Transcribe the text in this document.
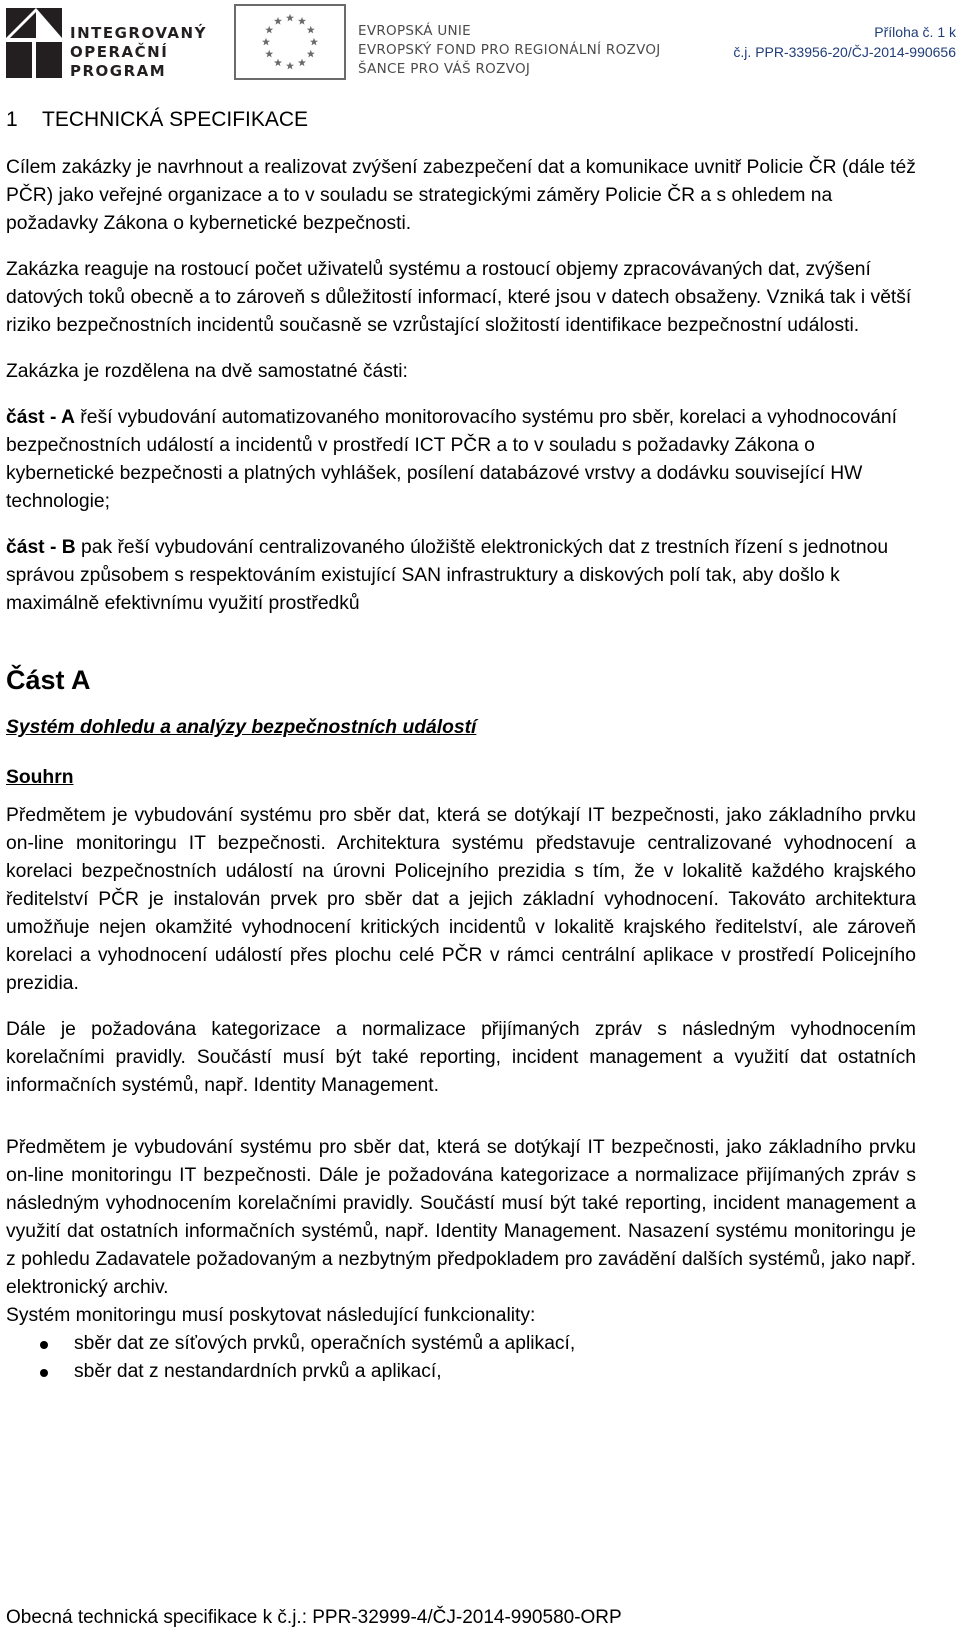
INTEGROVANÝ
OPERAČNÍ
PROGRAM
EVROPSKÁ UNIE
EVROPSKÝ FOND PRO REGIONÁLNÍ ROZVOJ
ŠANCE PRO VÁŠ ROZVOJ
Příloha č. 1 k
č.j. PPR-33956-20/ČJ-2014-990656
1 TECHNICKÁ SPECIFIKACE

Cílem zakázky je navrhnout a realizovat zvýšení zabezpečení dat a komunikace uvnitř Policie ČR (dále též PČR) jako veřejné organizace a to v souladu se strategickými záměry Policie ČR a s ohledem na požadavky Zákona o kybernetické bezpečnosti.

Zakázka reaguje na rostoucí počet uživatelů systému a rostoucí objemy zpracovávaných dat, zvýšení datových toků obecně a to zároveň s důležitostí informací, které jsou v datech obsaženy. Vzniká tak i větší riziko bezpečnostních incidentů současně se vzrůstající složitostí identifikace bezpečnostní události.

Zakázka je rozdělena na dvě samostatné části:

část - A řeší vybudování automatizovaného monitorovacího systému pro sběr, korelaci a vyhodnocování bezpečnostních událostí a incidentů v prostředí ICT PČR a to v souladu s požadavky Zákona o kybernetické bezpečnosti a platných vyhlášek, posílení databázové vrstvy a dodávku související HW technologie;

část - B pak řeší vybudování centralizovaného úložiště elektronických dat z trestních řízení s jednotnou správou způsobem s respektováním existující SAN infrastruktury a diskových polí tak, aby došlo k maximálně efektivnímu využití prostředků

Část A
Systém dohledu a analýzy bezpečnostních událostí
Souhrn

Předmětem je vybudování systému pro sběr dat, která se dotýkají IT bezpečnosti, jako základního prvku on-line monitoringu IT bezpečnosti. Architektura systému představuje centralizované vyhodnocení a korelaci bezpečnostních událostí na úrovni Policejního prezidia s tím, že v lokalitě každého krajského ředitelství PČR je instalován prvek pro sběr dat a jejich základní vyhodnocení. Takováto architektura umožňuje nejen okamžité vyhodnocení kritických incidentů v lokalitě krajského ředitelství, ale zároveň korelaci a vyhodnocení událostí přes plochu celé PČR v rámci centrální aplikace v prostředí Policejního prezidia.

Dále je požadována kategorizace a normalizace přijímaných zpráv s následným vyhodnocením korelačními pravidly. Součástí musí být také reporting, incident management a využití dat ostatních informačních systémů, např. Identity Management.

Předmětem je vybudování systému pro sběr dat, která se dotýkají IT bezpečnosti, jako základního prvku on-line monitoringu IT bezpečnosti. Dále je požadována kategorizace a normalizace přijímaných zpráv s následným vyhodnocením korelačními pravidly. Součástí musí být také reporting, incident management a využití dat ostatních informačních systémů, např. Identity Management. Nasazení systému monitoringu je z pohledu Zadavatele požadovaným a nezbytným předpokladem pro zavádění dalších systémů, jako např. elektronický archiv.

Systém monitoringu musí poskytovat následující funkcionality:

sběr dat ze síťových prvků, operačních systémů a aplikací,
sběr dat z nestandardních prvků a aplikací,
Obecná technická specifikace k č.j.: PPR-32999-4/ČJ-2014-990580-ORP
